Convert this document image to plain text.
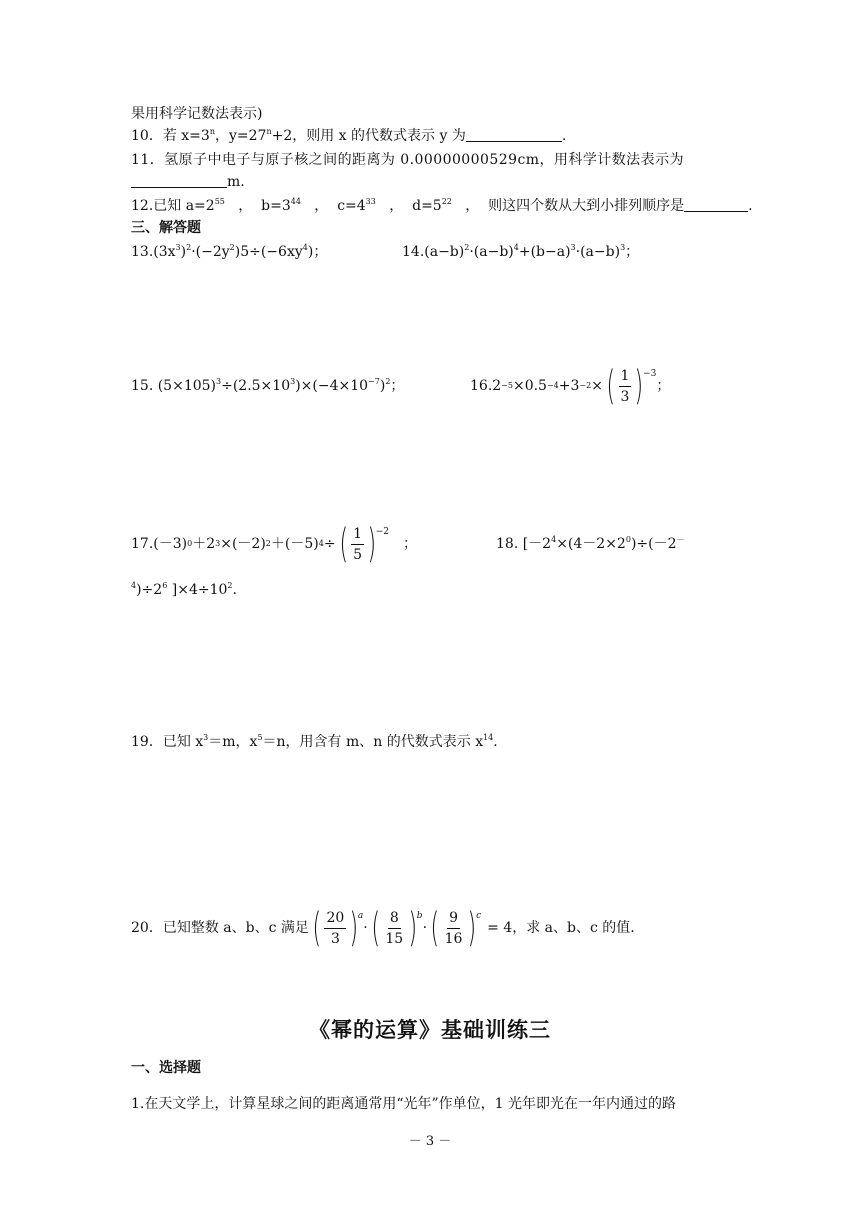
果用科学记数法表示)
10．若 $x=3^n$，$y=27^n+2$，则用 x 的代数式表示 y 为	.
11．氢原子中电子与原子核之间的距离为 0.00000000529cm，用科学计数法表示为
m.
12.已知 $a=2^{55}$   ，  $b=3^{44}$   ，  $c=4^{33}$   ，  $d=5^{22}$   ，  则这四个数从大到小排列顺序是	.
三、解答题
$13.(3x^3)^2\cdot(-2y^2)5\div(-6xy^4)$；	$14.(a-b)^2\cdot(a-b)^4+(b-a)^3\cdot(a-b)^3$；
15. $(5\times 105)^3\div(2.5\times 10^3)\times(-4\times 10^{-7})^2$；	16.2 −5 ×0.5 −4 +3 −2 × ( $\frac{1}{3}$ ) −3
；
17.(－3) 0 ＋2 3 ×(－2) 2 ＋(－5) 4 ÷ ( $\frac{1}{5}$ ) −2
；	18. [$-2^4\times(4-2\times 2^0)\div(-2^-$
$^4)\div 2^6$ ]$\times 4\div 10^2$.
19．已知 $x^3=m$，$x^5=n$，用含有 m、n 的代数式表示 $x^{14}$.
20．已知整数 a、b、c 满足 ( $\frac{20}{3}$ ) a
· ( $\frac{8}{15}$ ) b
· ( $\frac{9}{16}$ ) c
= 4 ，求 a、b、c 的值.
《幂的运算》基础训练三
一、选择题
1.在天文学上，计算星球之间的距离通常用“光年”作单位，1 光年即光在一年内通过的路
－ 3 －
